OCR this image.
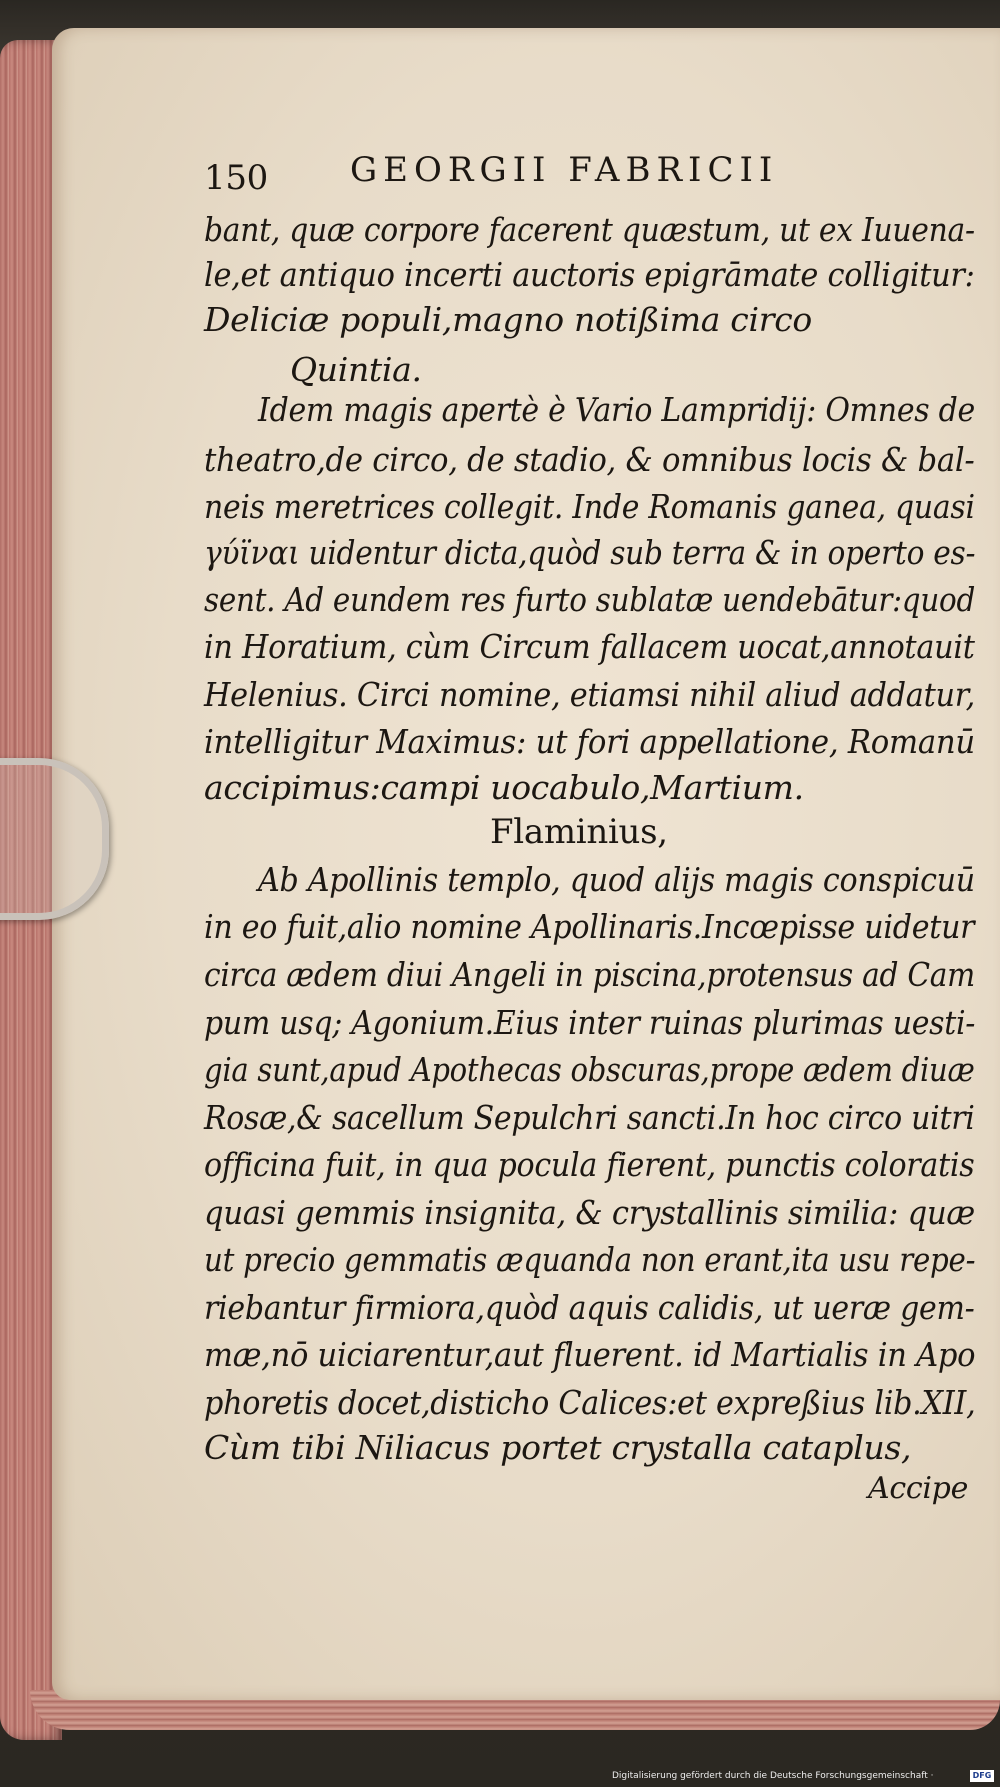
150 GEORGII FABRICII
bant, quæ corpore facerent quæstum, ut ex Iuuena-
le,et antiquo incerti auctoris epigrāmate colligitur:
Deliciæ populi,magno notißima circo
Quintia.
Idem magis apertè è Vario Lampridij: Omnes de
theatro,de circo, de stadio, & omnibus locis & bal-
neis meretrices collegit. Inde Romanis ganea, quasi
γύϊναι uidentur dicta,quòd sub terra & in operto es-
sent. Ad eundem res furto sublatæ uendebātur:quod
in Horatium, cùm Circum fallacem uocat,annotauit
Helenius. Circi nomine, etiamsi nihil aliud addatur,
intelligitur Maximus: ut fori appellatione, Romanū
accipimus:campi uocabulo,Martium.
Flaminius,
Ab Apollinis templo, quod alijs magis conspicuū
in eo fuit,alio nomine Apollinaris.Incœpisse uidetur
circa ædem diui Angeli in piscina,protensus ad Cam
pum usq; Agonium.Eius inter ruinas plurimas uesti-
gia sunt,apud Apothecas obscuras,prope ædem diuæ
Rosæ,& sacellum Sepulchri sancti.In hoc circo uitri
officina fuit, in qua pocula fierent, punctis coloratis
quasi gemmis insignita, & crystallinis similia: quæ
ut precio gemmatis æquanda non erant,ita usu repe-
riebantur firmiora,quòd aquis calidis, ut ueræ gem-
mæ,nō uiciarentur,aut fluerent. id Martialis in Apo
phoretis docet,disticho Calices:et expreßius lib.XII,
Cùm tibi Niliacus portet crystalla cataplus,
Accipe
Digitalisierung gefördert durch die Deutsche Forschungsgemeinschaft ·	DFG
